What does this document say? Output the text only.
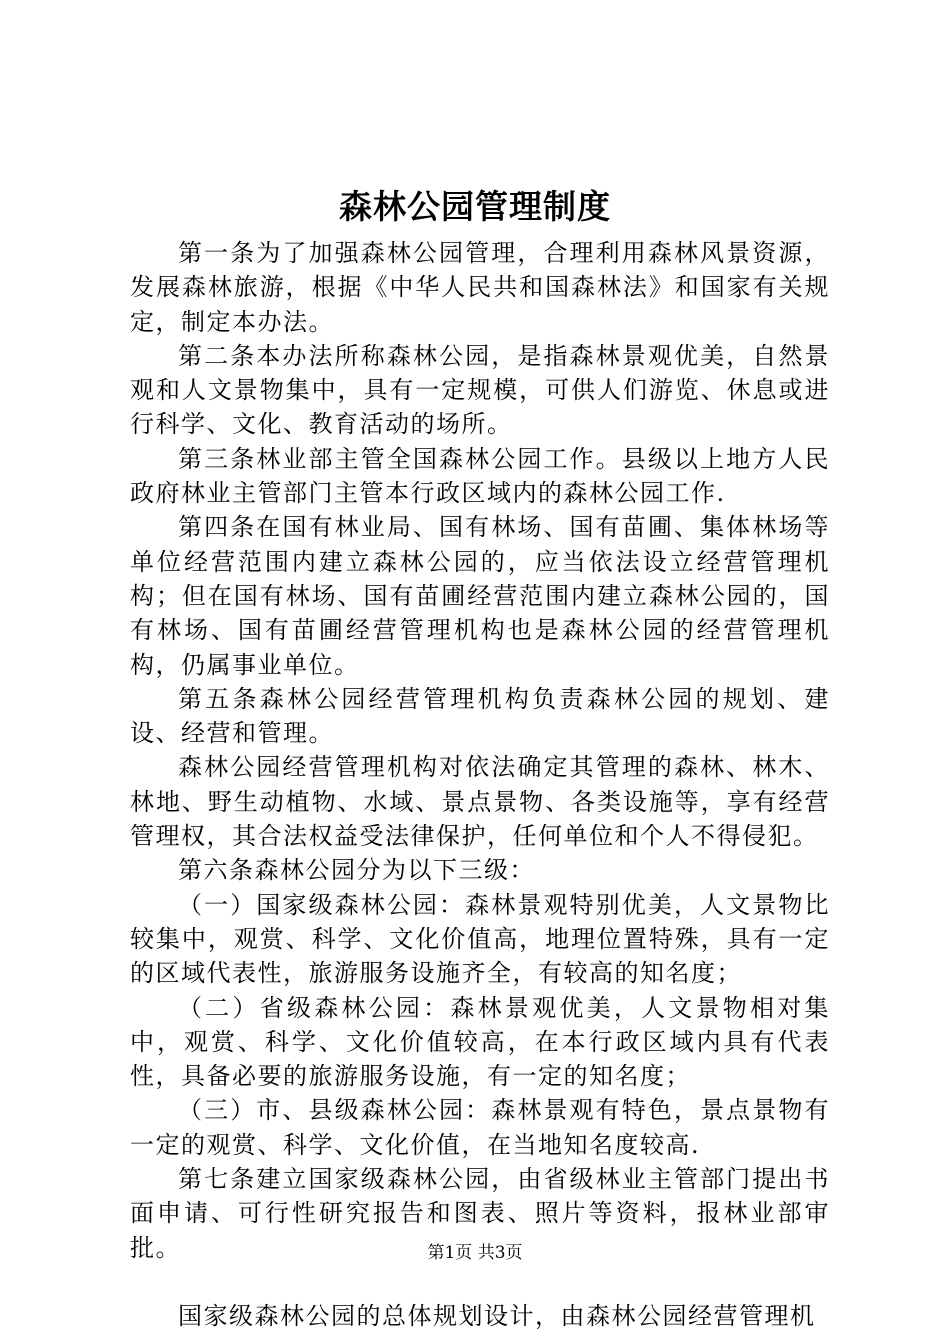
森林公园管理制度

第一条为了加强森林公园管理，合理利用森林风景资源，发展森林旅游，根据《中华人民共和国森林法》和国家有关规定，制定本办法。

第二条本办法所称森林公园，是指森林景观优美，自然景观和人文景物集中，具有一定规模，可供人们游览、休息或进行科学、文化、教育活动的场所。

第三条林业部主管全国森林公园工作。县级以上地方人民政府林业主管部门主管本行政区域内的森林公园工作.

第四条在国有林业局、国有林场、国有苗圃、集体林场等单位经营范围内建立森林公园的，应当依法设立经营管理机构；但在国有林场、国有苗圃经营范围内建立森林公园的，国有林场、国有苗圃经营管理机构也是森林公园的经营管理机构，仍属事业单位。

第五条森林公园经营管理机构负责森林公园的规划、建设、经营和管理。

森林公园经营管理机构对依法确定其管理的森林、林木、林地、野生动植物、水域、景点景物、各类设施等，享有经营管理权，其合法权益受法律保护，任何单位和个人不得侵犯。

第六条森林公园分为以下三级：

（一）国家级森林公园：森林景观特别优美，人文景物比较集中，观赏、科学、文化价值高，地理位置特殊，具有一定的区域代表性，旅游服务设施齐全，有较高的知名度；

（二）省级森林公园：森林景观优美，人文景物相对集中，观赏、科学、文化价值较高，在本行政区域内具有代表性，具备必要的旅游服务设施，有一定的知名度；

（三）市、县级森林公园：森林景观有特色，景点景物有一定的观赏、科学、文化价值，在当地知名度较高.

第七条建立国家级森林公园，由省级林业主管部门提出书面申请、可行性研究报告和图表、照片等资料，报林业部审批。

国家级森林公园的总体规划设计，由森林公园经营管理机

第1页 共3页
